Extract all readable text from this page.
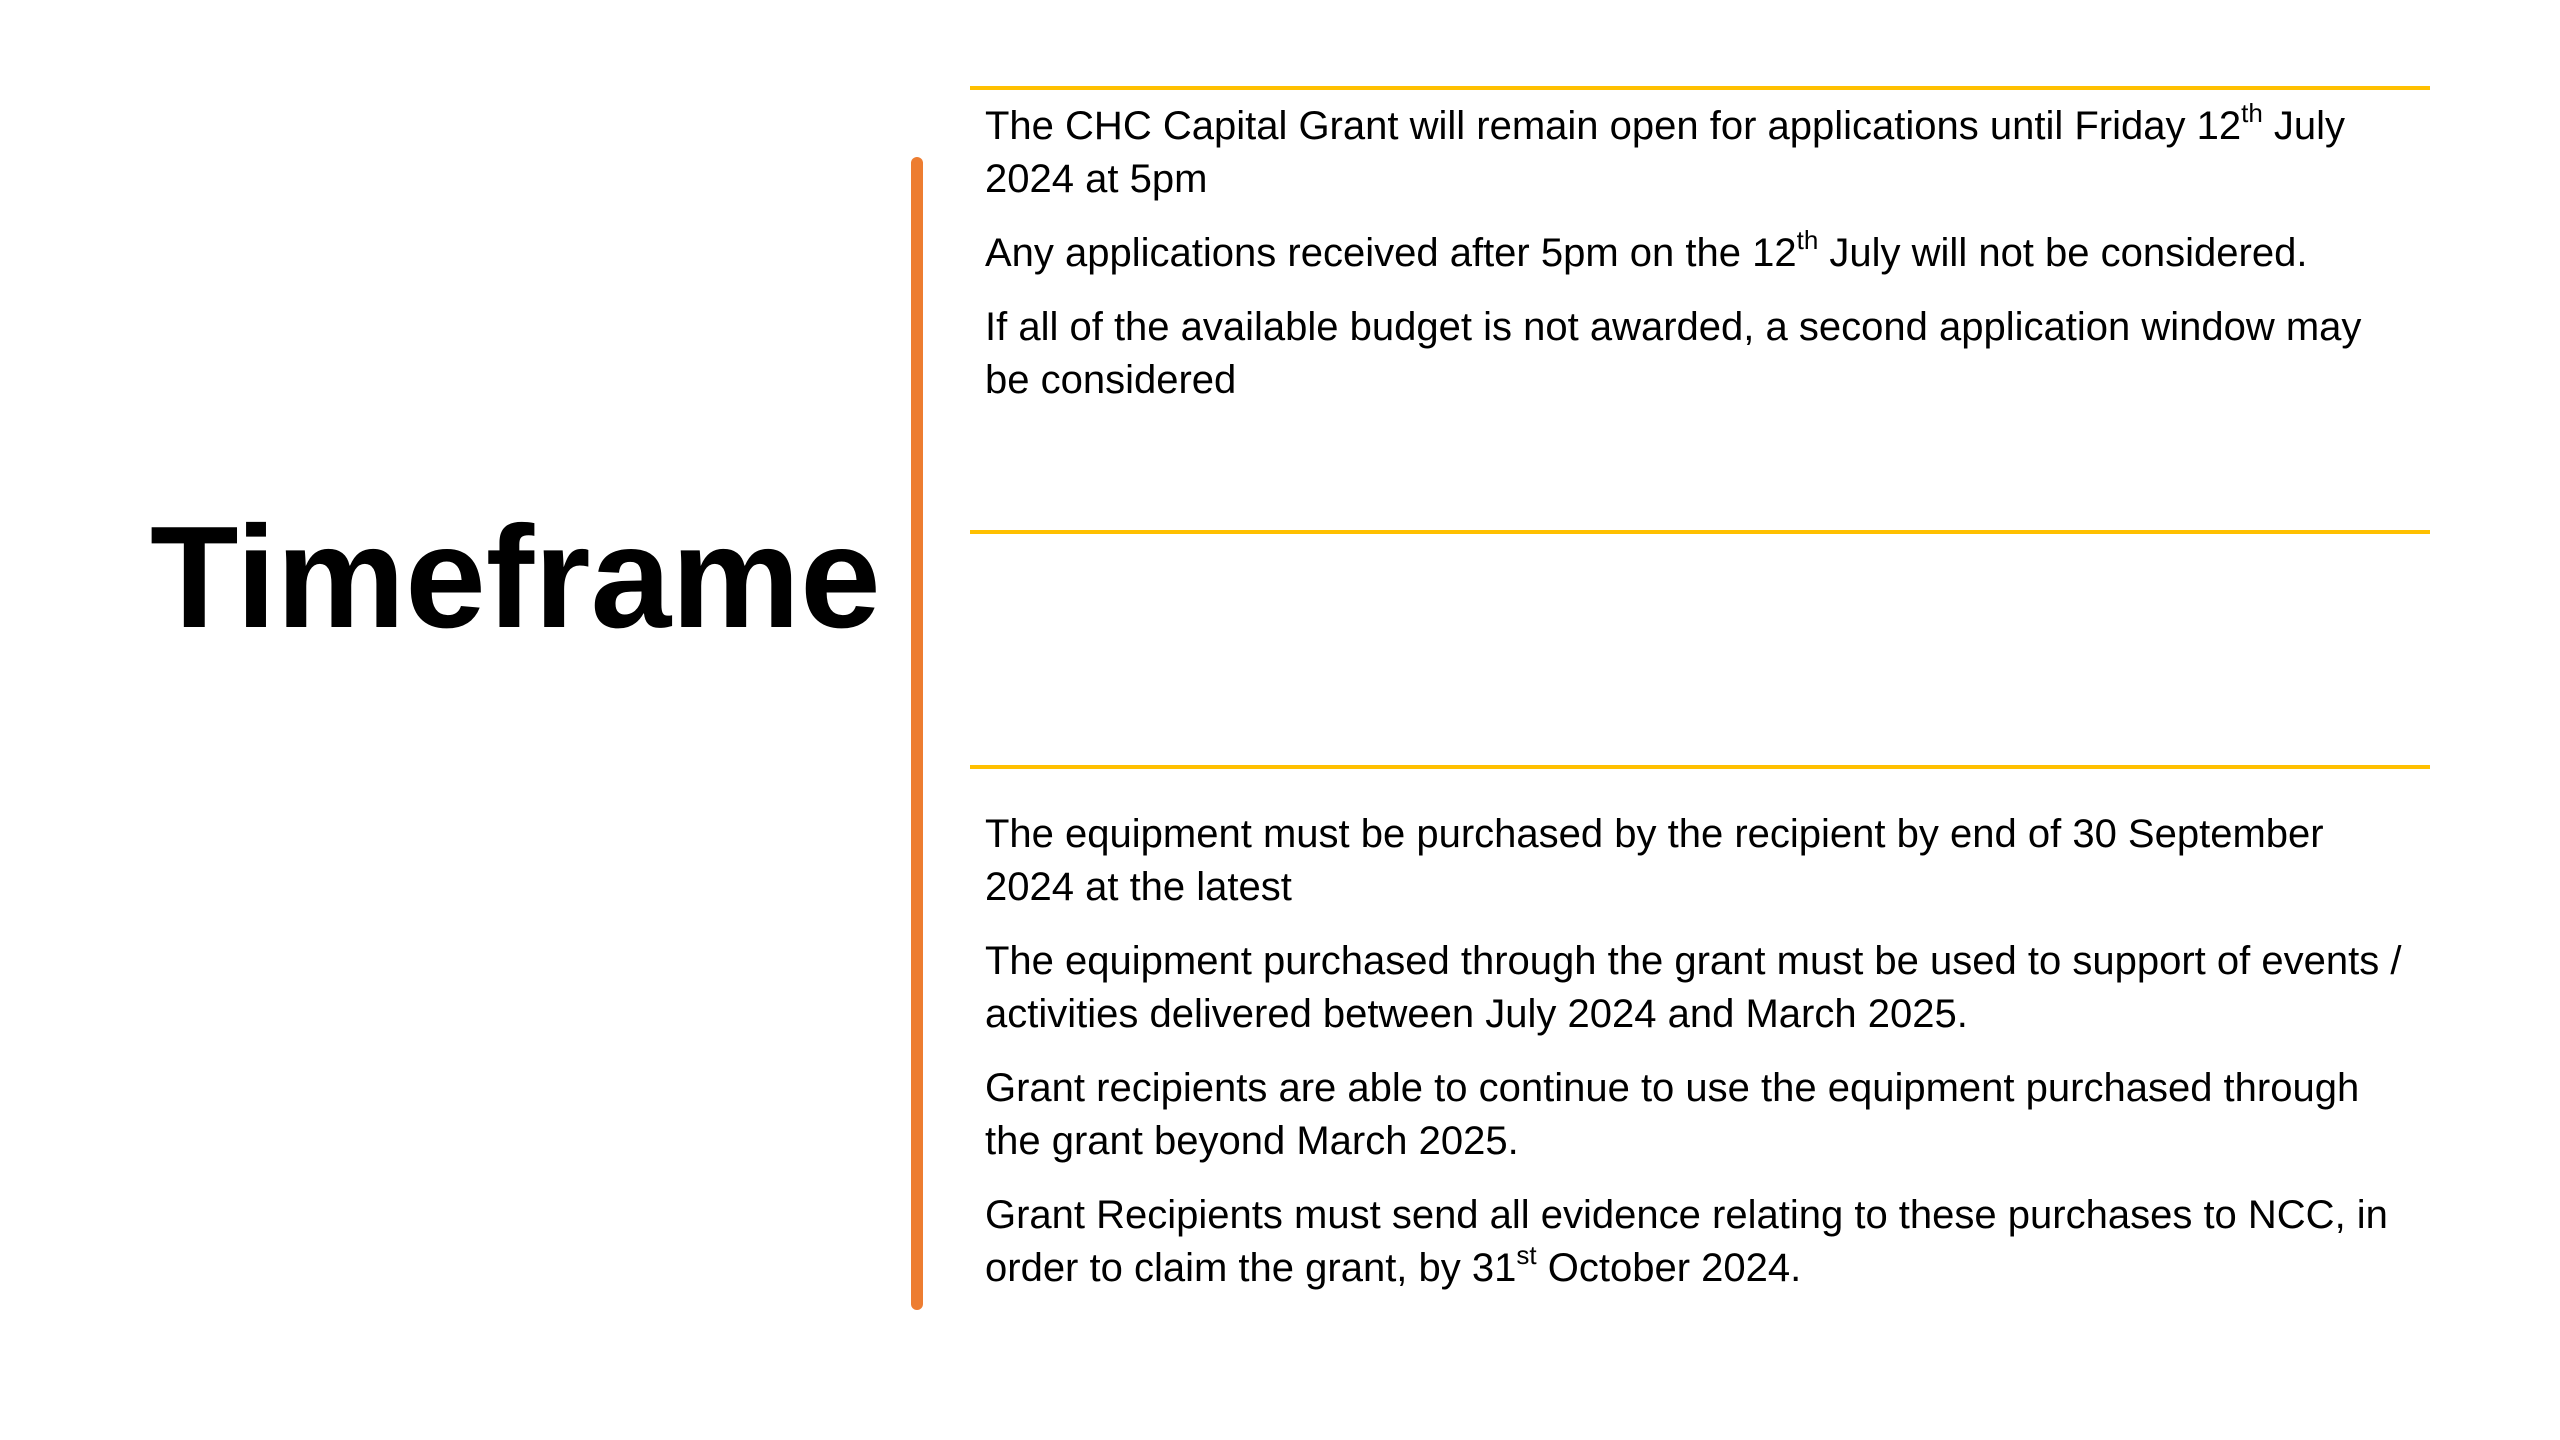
Timeframe

The CHC Capital Grant will remain open for applications until Friday 12th July 2024 at 5pm

Any applications received after 5pm on the 12th July will not be considered.

If all of the available budget is not awarded, a second application window may be considered

The equipment must be purchased by the recipient by end of 30 September 2024 at the latest

The equipment purchased through the grant must be used to support of events / activities delivered between July 2024 and March 2025.

Grant recipients are able to continue to use the equipment purchased through the grant beyond March 2025.

Grant Recipients must send all evidence relating to these purchases to NCC, in order to claim the grant, by 31st October 2024.
